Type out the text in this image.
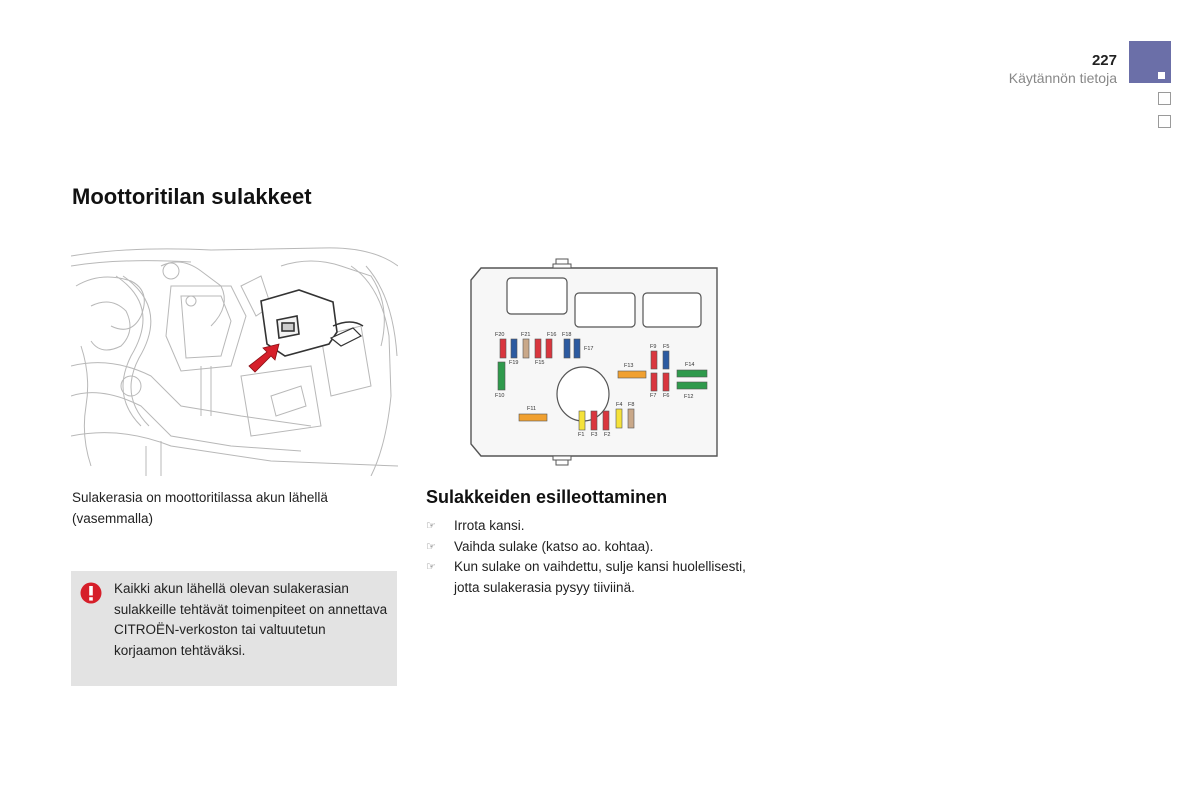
227
Käytännön tietoja
Moottoritilan sulakkeet
Sulakerasia on moottoritilassa akun lähellä (vasemmalla)
Kaikki akun lähellä olevan sulakerasian sulakkeille tehtävät toimenpiteet on annettava CITROËN-verkoston tai valtuutetun korjaamon tehtäväksi.
F20	F21	F16 F18
F17
F19	F15
F10
F13
F9 F5
F7 F6
F14
F12
F11
F4 F8
F1 F3 F2
Sulakkeiden esilleottaminen
☞ Irrota kansi.
☞ Vaihda sulake (katso ao. kohtaa).
☞ Kun sulake on vaihdettu, sulje kansi huolellisesti, jotta sulakerasia pysyy tiiviinä.
